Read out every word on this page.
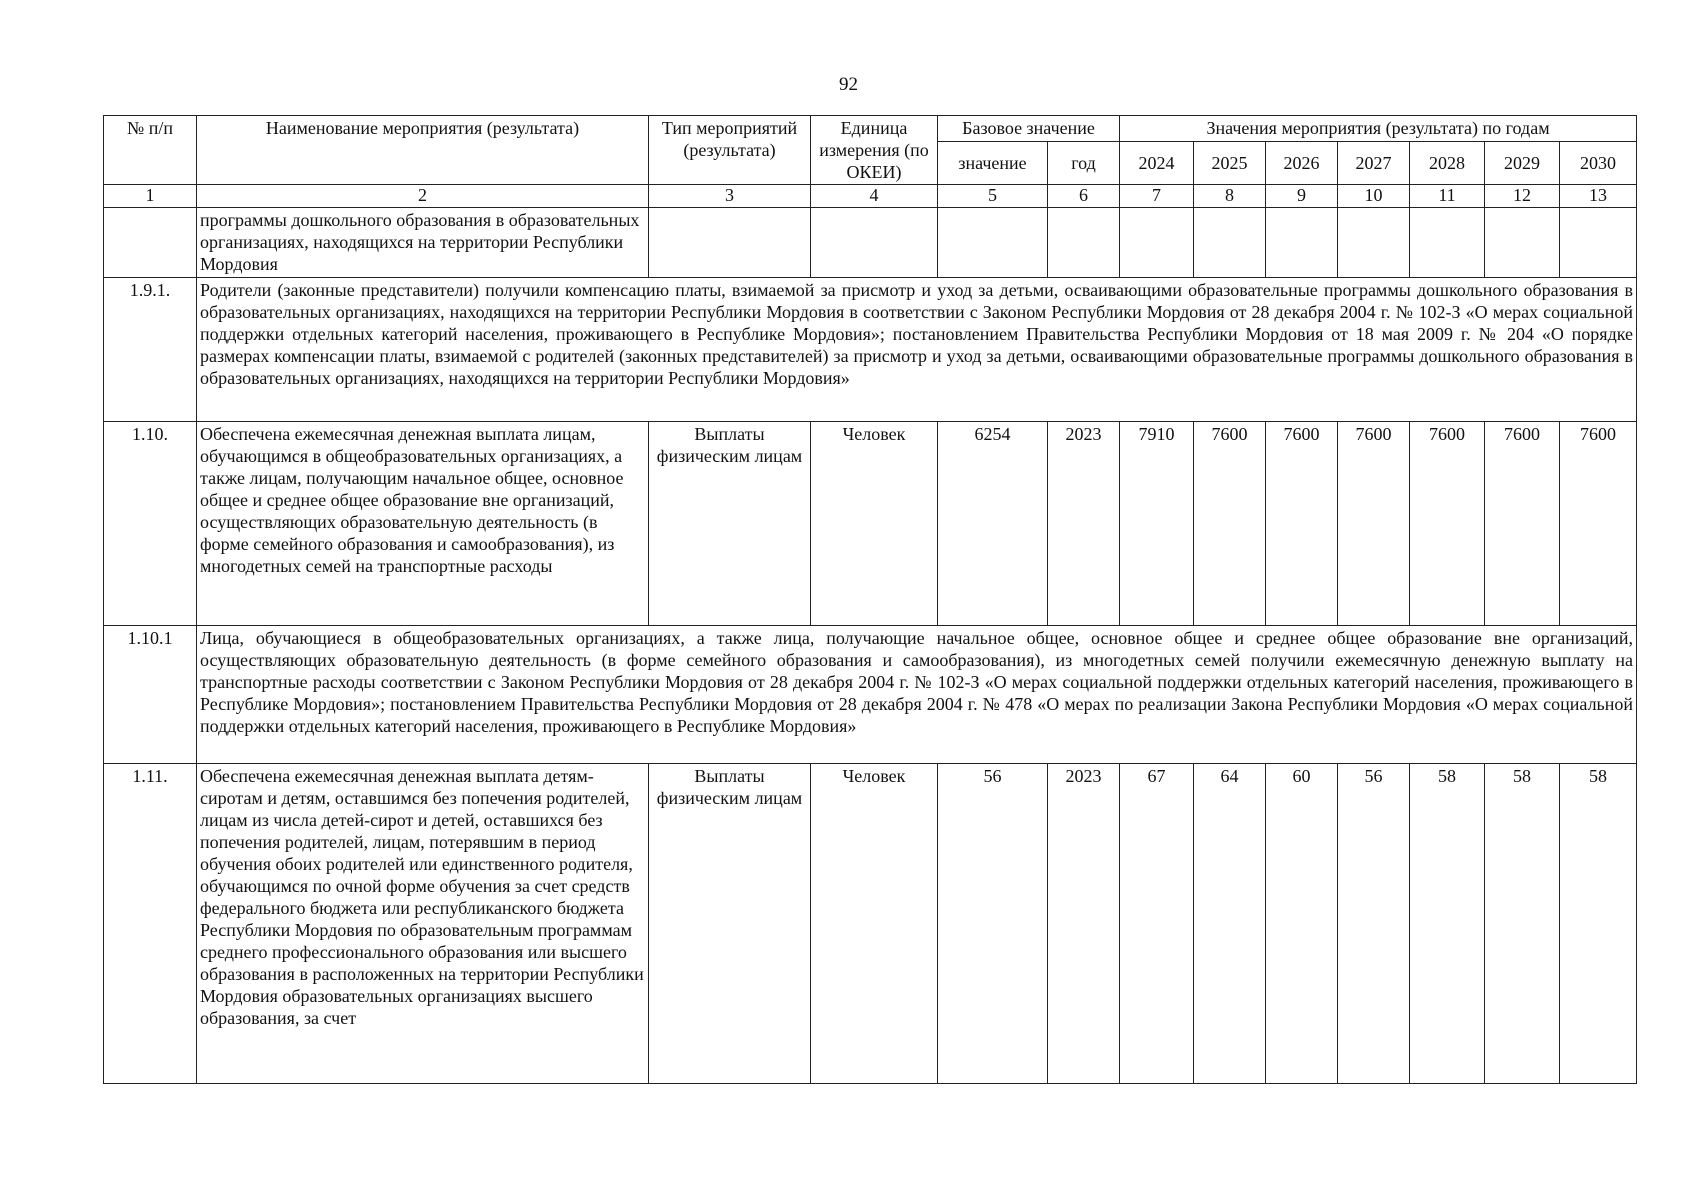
92
№ п/п	Наименование мероприятия (результата)	Тип мероприятий (результата)	Единица измерения (по ОКЕИ)	Базовое значение		Значения мероприятия (результата) по годам						
				значение	год	2024	2025	2026	2027	2028	2029	2030
1	2	3	4	5	6	7	8	9	10	11	12	13
	программы дошкольного образования в образовательных организациях, находящихся на территории Республики Мордовия											
1.9.1.	Родители (законные представители) получили компенсацию платы, взимаемой за присмотр и уход за детьми, осваивающими образовательные программы дошкольного образования в образовательных организациях, находящихся на территории Республики Мордовия в соответствии с Законом Республики Мордовия от 28 декабря 2004 г. № 102-З «О мерах социальной поддержки отдельных категорий населения, проживающего в Республике Мордовия»; постановлением Правительства Республики Мордовия от 18 мая 2009 г. № 204 «О порядке размерах компенсации платы, взимаемой с родителей (законных представителей) за присмотр и уход за детьми, осваивающими образовательные программы дошкольного образования в образовательных организациях, находящихся на территории Республики Мордовия»											
1.10.	Обеспечена ежемесячная денежная выплата лицам, обучающимся в общеобразовательных организациях, а также лицам, получающим начальное общее, основное общее и среднее общее образование вне организаций, осуществляющих образовательную деятельность (в форме семейного образования и самообразования), из многодетных семей на транспортные расходы	Выплаты физическим лицам	Человек	6254	2023	7910	7600	7600	7600	7600	7600	7600
1.10.1	Лица, обучающиеся в общеобразовательных организациях, а также лица, получающие начальное общее, основное общее и среднее общее образование вне организаций, осуществляющих образовательную деятельность (в форме семейного образования и самообразования), из многодетных семей получили ежемесячную денежную выплату на транспортные расходы соответствии с Законом Республики Мордовия от 28 декабря 2004 г. № 102-З «О мерах социальной поддержки отдельных категорий населения, проживающего в Республике Мордовия»; постановлением Правительства Республики Мордовия от 28 декабря 2004 г. № 478 «О мерах по реализации Закона Республики Мордовия «О мерах социальной поддержки отдельных категорий населения, проживающего в Республике Мордовия»											
1.11.	Обеспечена ежемесячная денежная выплата детям-сиротам и детям, оставшимся без попечения родителей, лицам из числа детей-сирот и детей, оставшихся без попечения родителей, лицам, потерявшим в период обучения обоих родителей или единственного родителя, обучающимся по очной форме обучения за счет средств федерального бюджета или республиканского бюджета Республики Мордовия по образовательным программам среднего профессионального образования или высшего образования в расположенных на территории Республики Мордовия образовательных организациях высшего образования, за счет	Выплаты физическим лицам	Человек	56	2023	67	64	60	56	58	58	58
